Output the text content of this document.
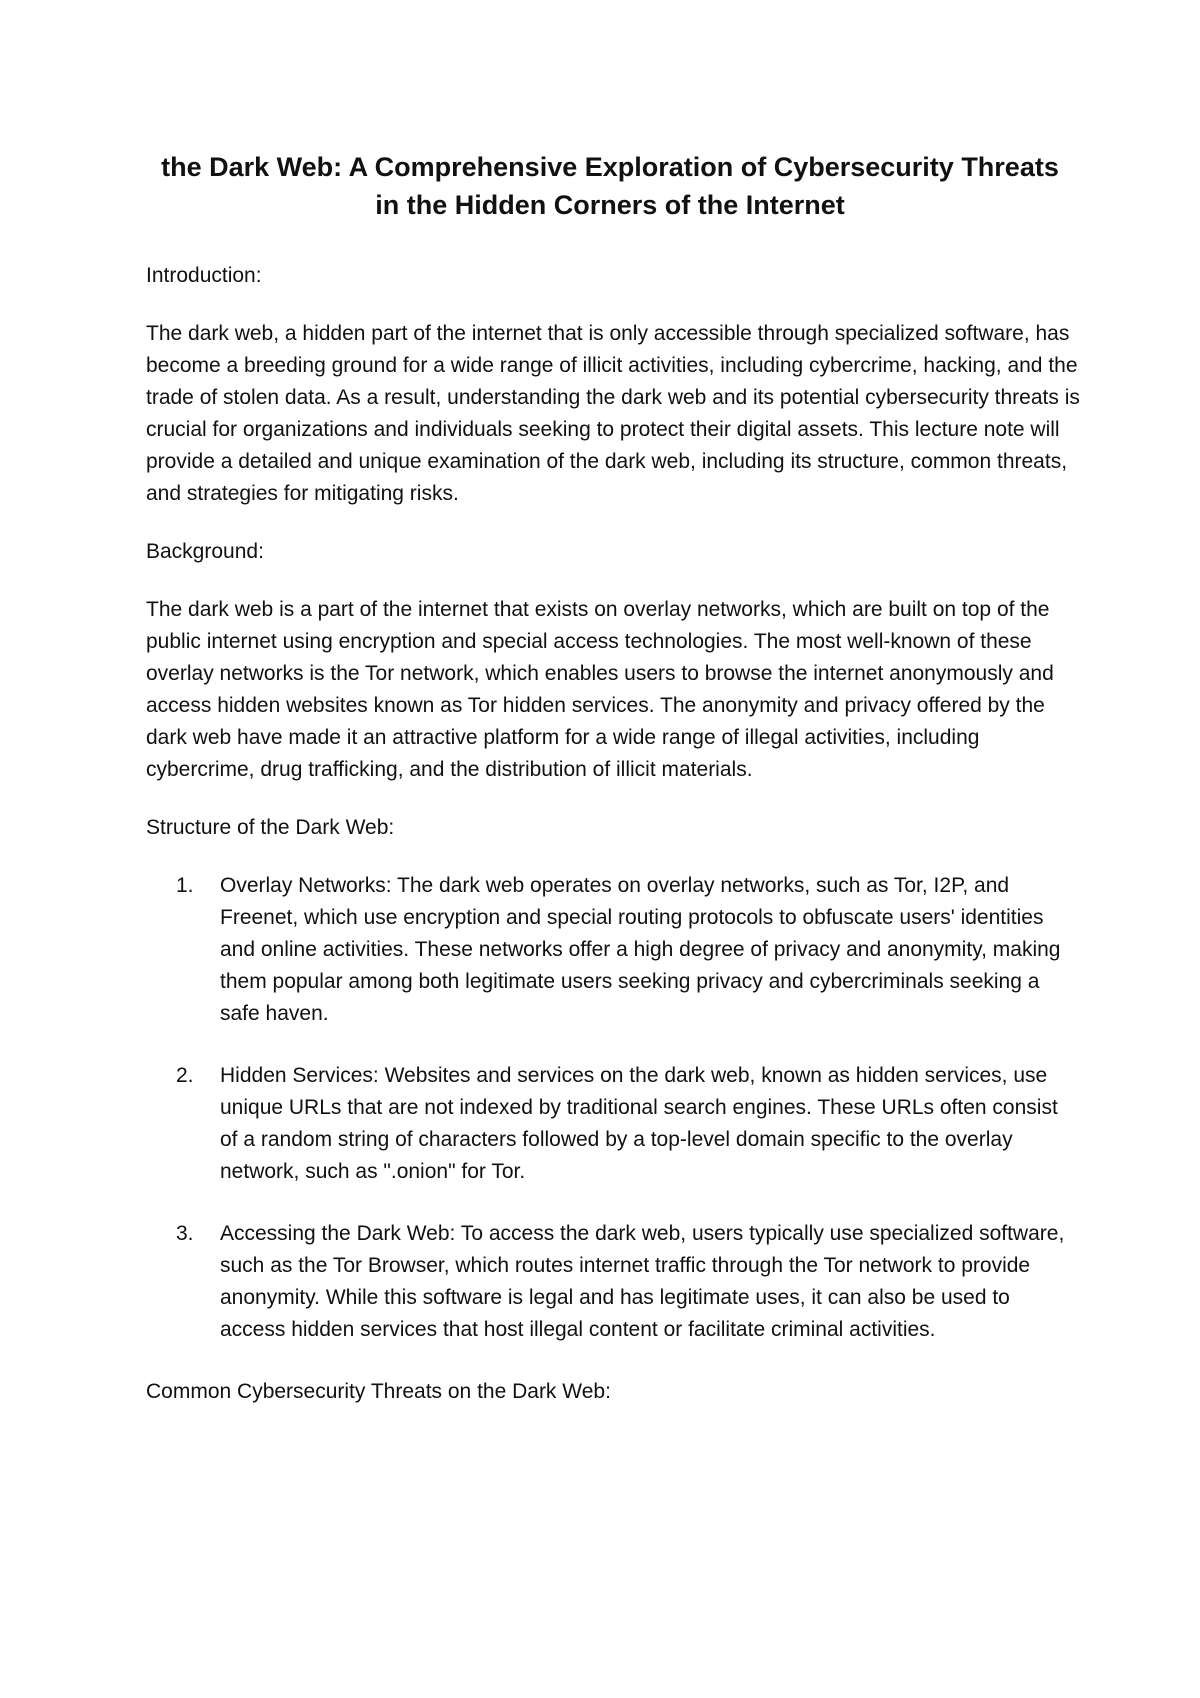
the Dark Web: A Comprehensive Exploration of Cybersecurity Threats in the Hidden Corners of the Internet

Introduction:

The dark web, a hidden part of the internet that is only accessible through specialized software, has become a breeding ground for a wide range of illicit activities, including cybercrime, hacking, and the trade of stolen data. As a result, understanding the dark web and its potential cybersecurity threats is crucial for organizations and individuals seeking to protect their digital assets. This lecture note will provide a detailed and unique examination of the dark web, including its structure, common threats, and strategies for mitigating risks.

Background:

The dark web is a part of the internet that exists on overlay networks, which are built on top of the public internet using encryption and special access technologies. The most well-known of these overlay networks is the Tor network, which enables users to browse the internet anonymously and access hidden websites known as Tor hidden services. The anonymity and privacy offered by the dark web have made it an attractive platform for a wide range of illegal activities, including cybercrime, drug trafficking, and the distribution of illicit materials.

Structure of the Dark Web:

1.	Overlay Networks: The dark web operates on overlay networks, such as Tor, I2P, and Freenet, which use encryption and special routing protocols to obfuscate users' identities and online activities. These networks offer a high degree of privacy and anonymity, making them popular among both legitimate users seeking privacy and cybercriminals seeking a safe haven.
2.	Hidden Services: Websites and services on the dark web, known as hidden services, use unique URLs that are not indexed by traditional search engines. These URLs often consist of a random string of characters followed by a top-level domain specific to the overlay network, such as ".onion" for Tor.
3.	Accessing the Dark Web: To access the dark web, users typically use specialized software, such as the Tor Browser, which routes internet traffic through the Tor network to provide anonymity. While this software is legal and has legitimate uses, it can also be used to access hidden services that host illegal content or facilitate criminal activities.

Common Cybersecurity Threats on the Dark Web:
